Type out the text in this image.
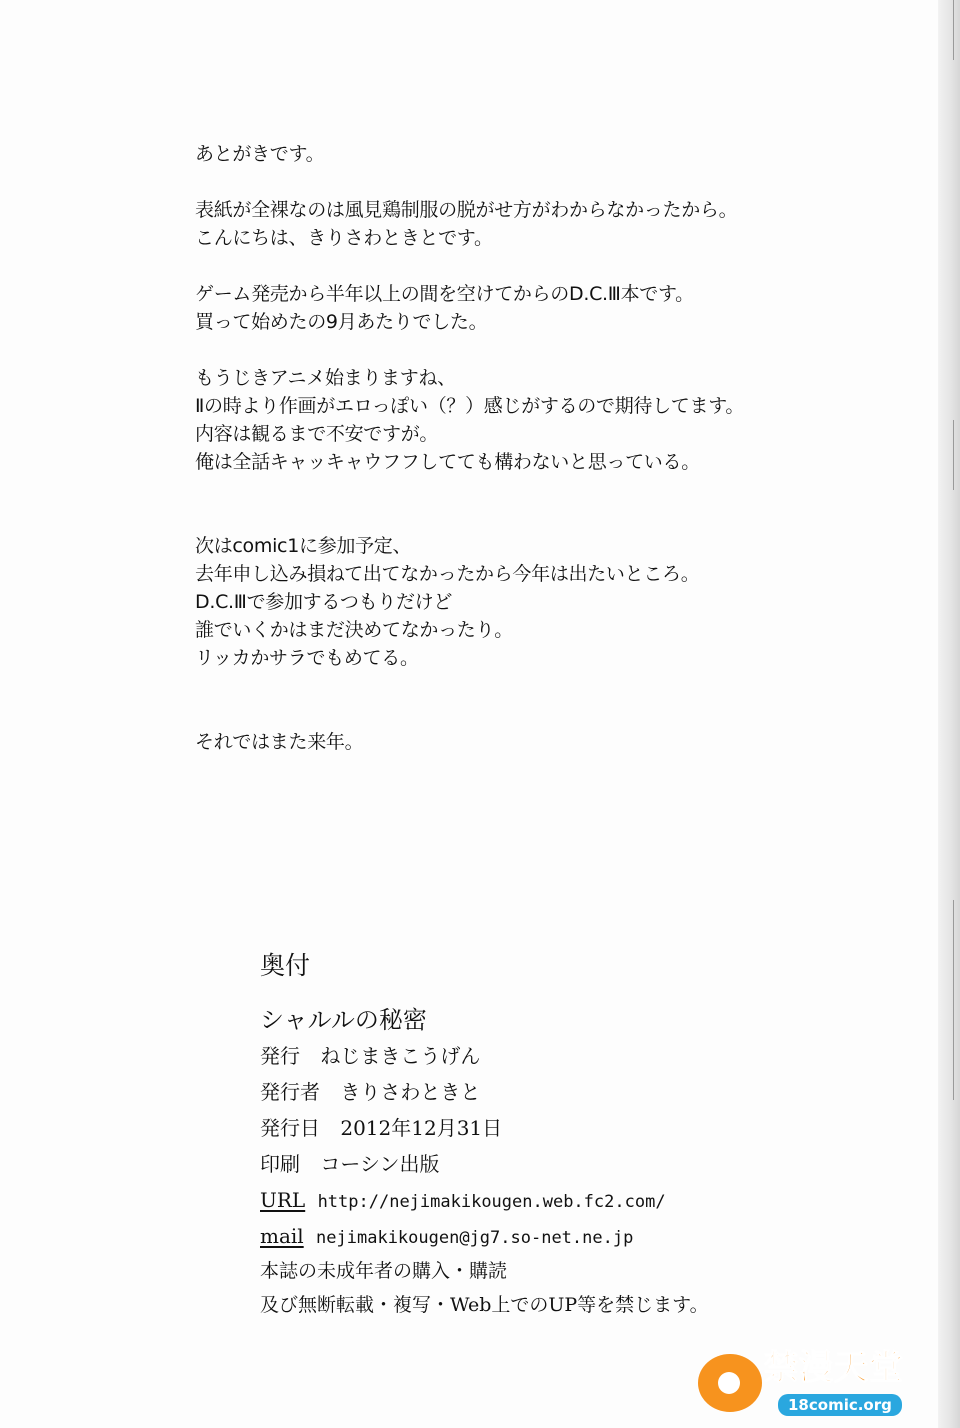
あとがきです。
表紙が全裸なのは風見鶏制服の脱がせ方がわからなかったから。
こんにちは、きりさわときとです。
ゲーム発売から半年以上の間を空けてからのD.C.Ⅲ本です。
買って始めたの9月あたりでした。
もうじきアニメ始まりますね、
Ⅱの時より作画がエロっぽい（？）感じがするので期待してます。
内容は観るまで不安ですが。
俺は全話キャッキャウフフしてても構わないと思っている。
次はcomic1に参加予定、
去年申し込み損ねて出てなかったから今年は出たいところ。
D.C.Ⅲで参加するつもりだけど
誰でいくかはまだ決めてなかったり。
リッカかサラでもめてる。
それではまた来年。
奥付
シャルルの秘密
発行 ねじまきこうげん
発行者 きりさわときと
発行日 2012年12月31日
印刷 コーシン出版
URL http://nejimakikougen.web.fc2.com/
mail nejimakikougen@jg7.so-net.ne.jp
本誌の未成年者の購入・購読
及び無断転載・複写・Web上でのUP等を禁じます。
禁漫天堂
18comic.org
